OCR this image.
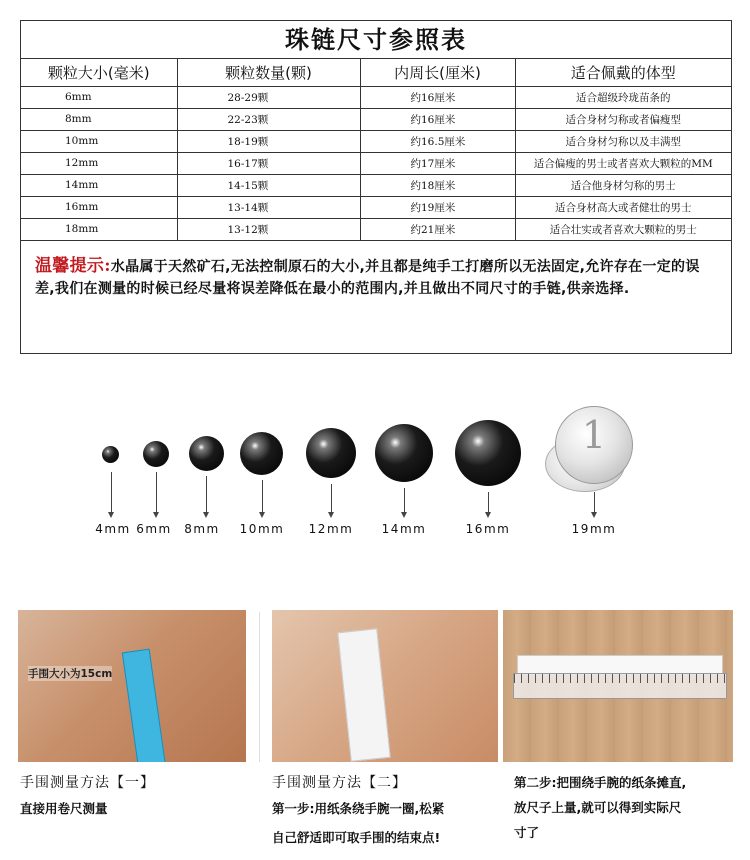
珠链尺寸参照表
颗粒大小(毫米)	颗粒数量(颗)	内周长(厘米)	适合佩戴的体型
6mm	28-29颗	约16厘米	适合超级玲珑苗条的
8mm	22-23颗	约16厘米	适合身材匀称或者偏瘦型
10mm	18-19颗	约16.5厘米	适合身材匀称以及丰满型
12mm	16-17颗	约17厘米	适合偏瘦的男士或者喜欢大颗粒的MM
14mm	14-15颗	约18厘米	适合他身材匀称的男士
16mm	13-14颗	约19厘米	适合身材高大或者健壮的男士
18mm	13-12颗	约21厘米	适合壮实或者喜欢大颗粒的男士
温馨提示:水晶属于天然矿石,无法控制原石的大小,并且都是纯手工打磨所以无法固定,允许存在一定的误差,我们在测量的时候已经尽量将误差降低在最小的范围内,并且做出不同尺寸的手链,供亲选择.
1
4mm 6mm	8mm	10mm	12mm	14mm	16mm	19mm
手围大小为15cm
手围测量方法【一】
直接用卷尺测量
手围测量方法【二】
第一步:用纸条绕手腕一圈,松紧
自己舒适即可取手围的结束点!
第二步:把围绕手腕的纸条摊直,
放尺子上量,就可以得到实际尺
寸了
